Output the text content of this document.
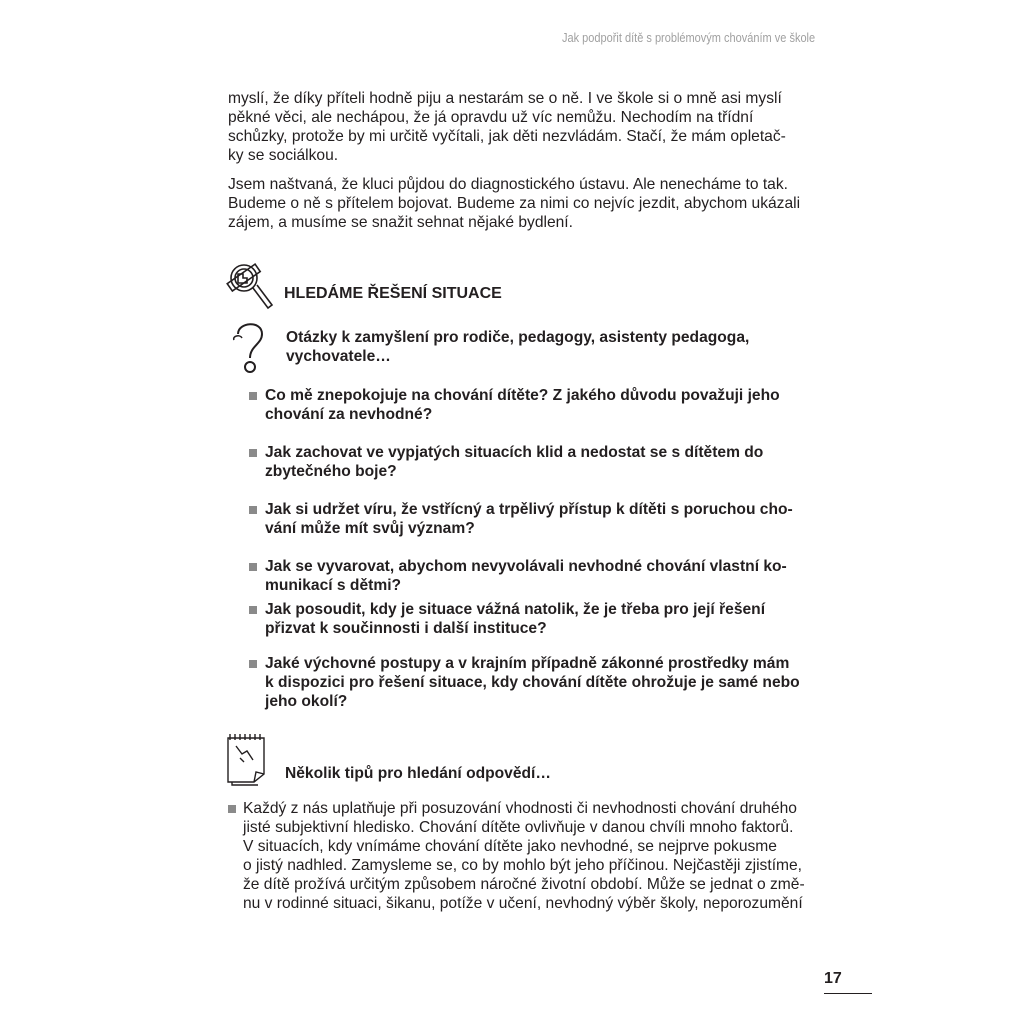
Jak podpořit dítě s problémovým chováním ve škole
myslí, že díky příteli hodně piju a nestarám se o ně. I ve škole si o mně asi myslí
pěkné věci, ale nechápou, že já opravdu už víc nemůžu. Nechodím na třídní
schůzky, protože by mi určitě vyčítali, jak děti nezvládám. Stačí, že mám opletač-
ky se sociálkou.
Jsem naštvaná, že kluci půjdou do diagnostického ústavu. Ale nenecháme to tak.
Budeme o ně s přítelem bojovat. Budeme za nimi co nejvíc jezdit, abychom ukázali
zájem, a musíme se snažit sehnat nějaké bydlení.
HLEDÁME ŘEŠENÍ SITUACE
Otázky k zamyšlení pro rodiče, pedagogy, asistenty pedagoga,
vychovatele…
Co mě znepokojuje na chování dítěte? Z jakého důvodu považuji jeho
chování za nevhodné?
Jak zachovat ve vypjatých situacích klid a nedostat se s dítětem do
zbytečného boje?
Jak si udržet víru, že vstřícný a trpělivý přístup k dítěti s poruchou cho-
vání může mít svůj význam?
Jak se vyvarovat, abychom nevyvolávali nevhodné chování vlastní ko-
munikací s dětmi?
Jak posoudit, kdy je situace vážná natolik, že je třeba pro její řešení
přizvat k součinnosti i další instituce?
Jaké výchovné postupy a v krajním případně zákonné prostředky mám
k dispozici pro řešení situace, kdy chování dítěte ohrožuje je samé nebo
jeho okolí?
Několik tipů pro hledání odpovědí…
Každý z nás uplatňuje při posuzování vhodnosti či nevhodnosti chování druhého
jisté subjektivní hledisko. Chování dítěte ovlivňuje v danou chvíli mnoho faktorů.
V situacích, kdy vnímáme chování dítěte jako nevhodné, se nejprve pokusme
o jistý nadhled. Zamysleme se, co by mohlo být jeho příčinou. Nejčastěji zjistíme,
že dítě prožívá určitým způsobem náročné životní období. Může se jednat o změ-
nu v rodinné situaci, šikanu, potíže v učení, nevhodný výběr školy, neporozumění
17
